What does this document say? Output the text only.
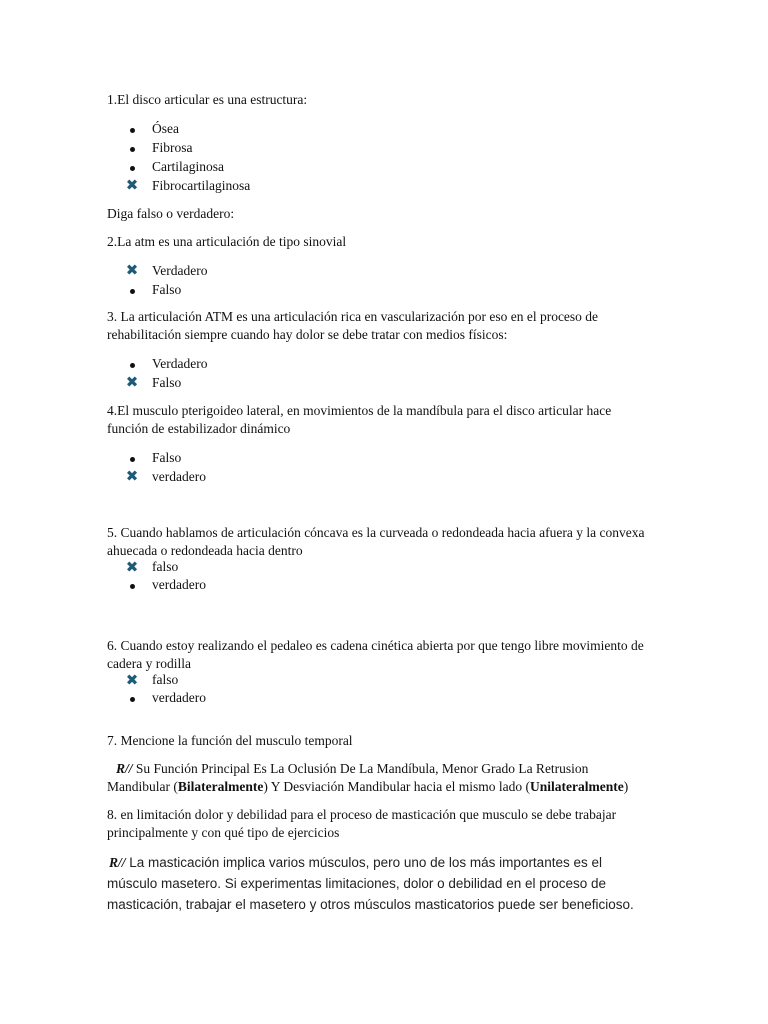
1.El disco articular es una estructura:

Ósea
Fibrosa
Cartilaginosa
✖ Fibrocartilaginosa

Diga falso o verdadero:

2.La atm es una articulación de tipo sinovial

✖ Verdadero
Falso

3. La articulación ATM es una articulación rica en vascularización por eso en el proceso de
rehabilitación siempre cuando hay dolor se debe tratar con medios físicos:

Verdadero
✖ Falso

4.El musculo pterigoideo lateral, en movimientos de la mandíbula para el disco articular hace
función de estabilizador dinámico

Falso
✖ verdadero

5. Cuando hablamos de articulación cóncava es la curveada o redondeada hacia afuera y la convexa
ahuecada o redondeada hacia dentro

✖ falso
verdadero

6. Cuando estoy realizando el pedaleo es cadena cinética abierta por que tengo libre movimiento de
cadera y rodilla

✖ falso
verdadero

7. Mencione la función del musculo temporal

R// Su Función Principal Es La Oclusión De La Mandíbula, Menor Grado La Retrusion
Mandibular (Bilateralmente) Y Desviación Mandibular hacia el mismo lado (Unilateralmente)

8. en limitación dolor y debilidad para el proceso de masticación que musculo se debe trabajar
principalmente y con qué tipo de ejercicios

R// La masticación implica varios músculos, pero uno de los más importantes es el
músculo masetero. Si experimentas limitaciones, dolor o debilidad en el proceso de
masticación, trabajar el masetero y otros músculos masticatorios puede ser beneficioso.
